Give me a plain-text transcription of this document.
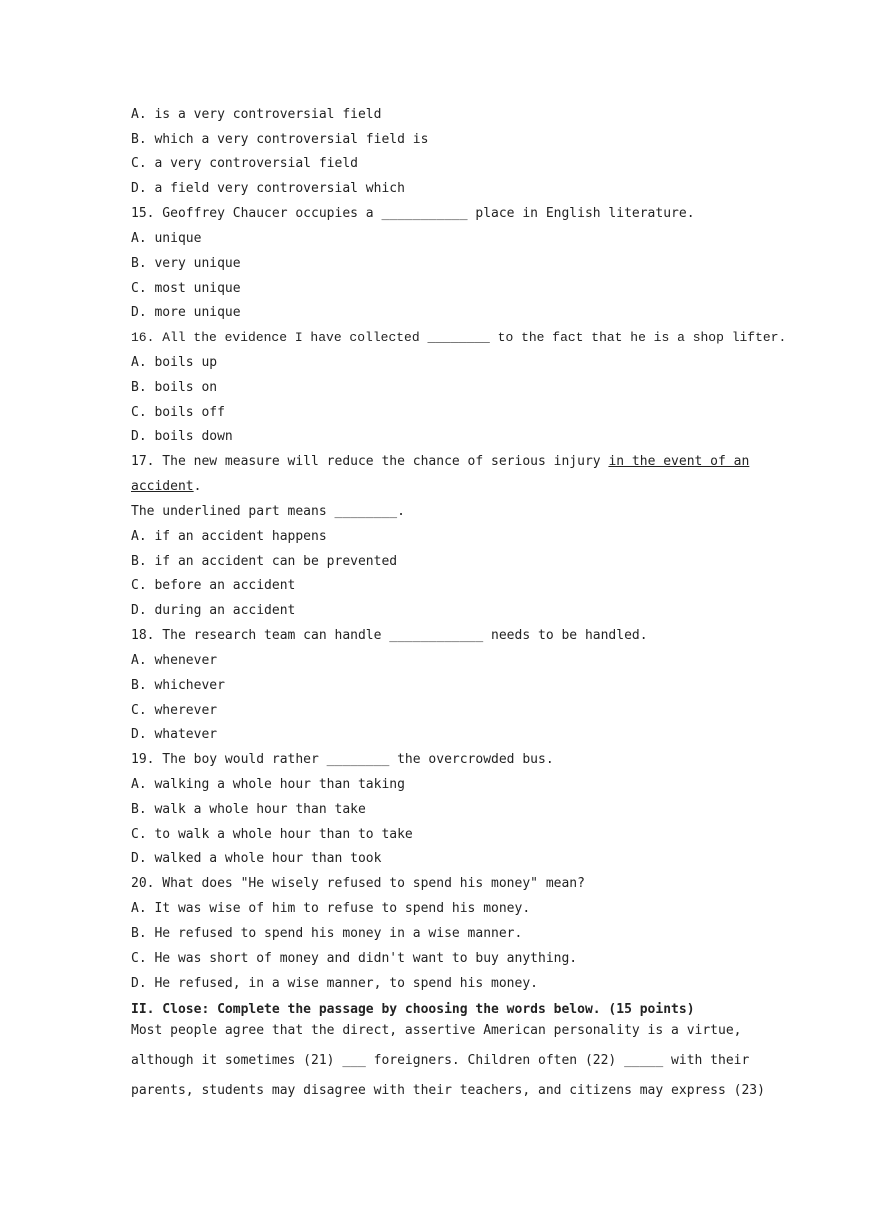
A. is a very controversial field
B. which a very controversial field is
C. a very controversial field
D. a field very controversial which
15. Geoffrey Chaucer occupies a ___________ place in English literature.
A. unique
B. very unique
C. most unique
D. more unique
16. All the evidence I have collected ________ to the fact that he is a shop lifter.
A. boils up
B. boils on
C. boils off
D. boils down
17. The new measure will reduce the chance of serious injury in the event of an
accident.
The underlined part means ________.
A. if an accident happens
B. if an accident can be prevented
C. before an accident
D. during an accident
18. The research team can handle ____________ needs to be handled.
A. whenever
B. whichever
C. wherever
D. whatever
19. The boy would rather ________ the overcrowded bus.
A. walking a whole hour than taking
B. walk a whole hour than take
C. to walk a whole hour than to take
D. walked a whole hour than took
20. What does "He wisely refused to spend his money" mean?
A. It was wise of him to refuse to spend his money.
B. He refused to spend his money in a wise manner.
C. He was short of money and didn't want to buy anything.
D. He refused, in a wise manner, to spend his money.
II. Close: Complete the passage by choosing the words below. (15 points)
Most people agree that the direct, assertive American personality is a virtue,
although it sometimes (21) ___ foreigners. Children often (22) _____ with their
parents, students may disagree with their teachers, and citizens may express (23)
